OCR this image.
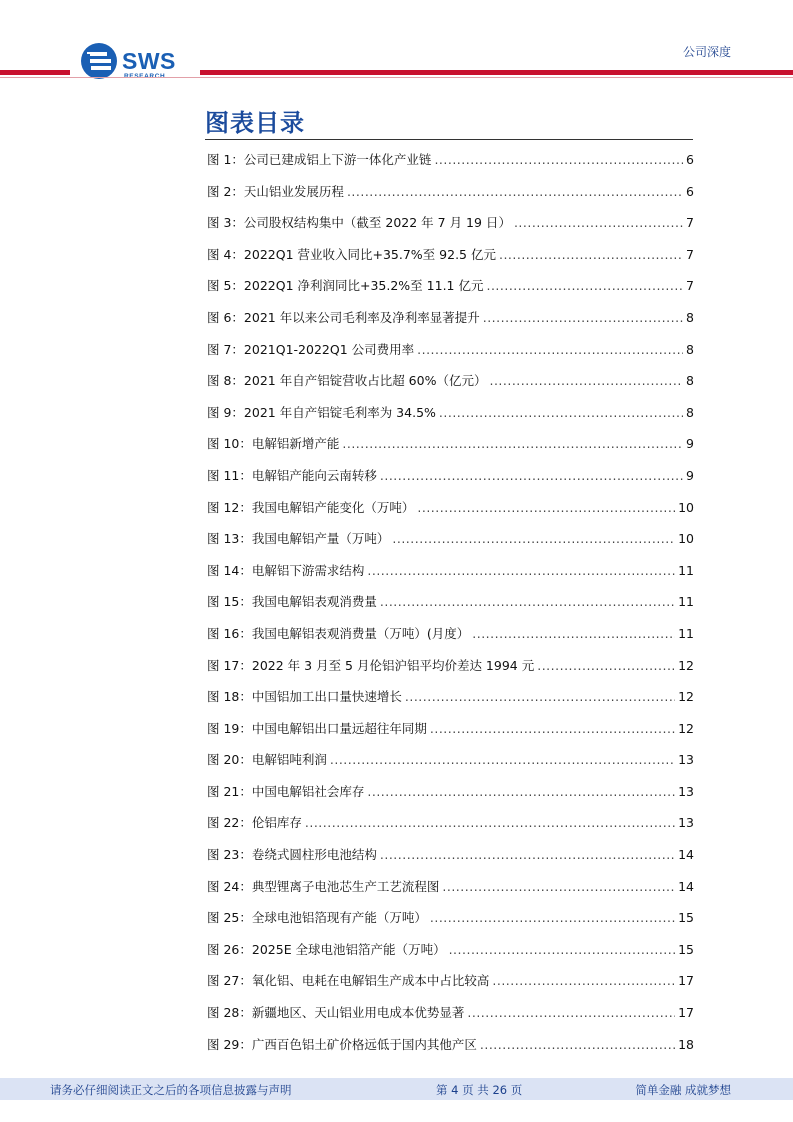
SWS	公司深度
图表目录
图 1：公司已建成铝上下游一体化产业链 .....	6
图 2：天山铝业发展历程 .....	6
图 3：公司股权结构集中（截至 2022 年 7 月 19 日） .....	7
图 4：2022Q1 营业收入同比+35.7%至 92.5 亿元 .....	7
图 5：2022Q1 净利润同比+35.2%至 11.1 亿元 .....	7
图 6：2021 年以来公司毛利率及净利率显著提升 .....	8
图 7：2021Q1-2022Q1 公司费用率 .....	8
图 8：2021 年自产铝锭营收占比超 60%（亿元） .....	8
图 9：2021 年自产铝锭毛利率为 34.5% .....	8
图 10：电解铝新增产能 .....	9
图 11：电解铝产能向云南转移 .....	9
图 12：我国电解铝产能变化（万吨） .....	10
图 13：我国电解铝产量（万吨） .....	10
图 14：电解铝下游需求结构 .....	11
图 15：我国电解铝表观消费量 .....	11
图 16：我国电解铝表观消费量（万吨）(月度） .....	11
图 17：2022 年 3 月至 5 月伦铝沪铝平均价差达 1994 元 .....	12
图 18：中国铝加工出口量快速增长 .....	12
图 19：中国电解铝出口量远超往年同期 .....	12
图 20：电解铝吨利润 .....	13
图 21：中国电解铝社会库存 .....	13
图 22：伦铝库存 .....	13
图 23：卷绕式圆柱形电池结构 .....	14
图 24：典型锂离子电池芯生产工艺流程图 .....	14
图 25：全球电池铝箔现有产能（万吨） .....	15
图 26：2025E 全球电池铝箔产能（万吨） .....	15
图 27：氧化铝、电耗在电解铝生产成本中占比较高 .....	17
图 28：新疆地区、天山铝业用电成本优势显著 .....	17
图 29：广西百色铝土矿价格远低于国内其他产区 .....	18
请务必仔细阅读正文之后的各项信息披露与声明	第 4 页 共 26 页	简单金融 成就梦想
